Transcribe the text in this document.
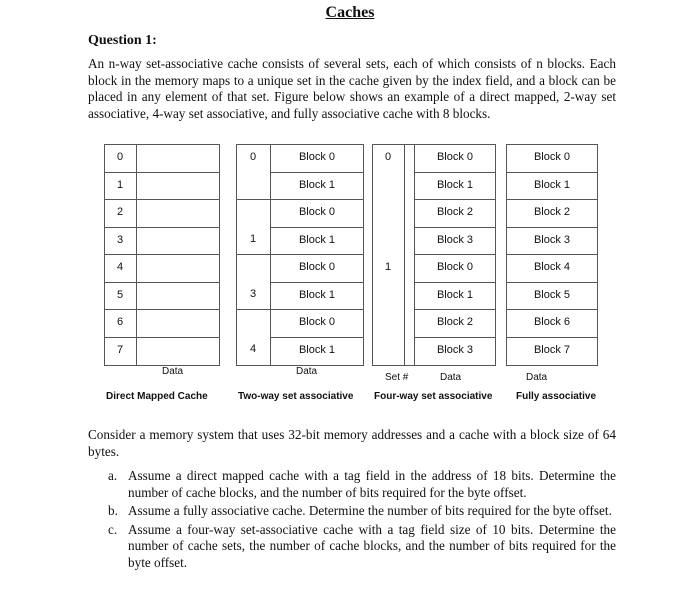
Caches
Question 1:
An n-way set-associative cache consists of several sets, each of which consists of n blocks. Each block in the memory maps to a unique set in the cache given by the index field, and a block can be placed in any element of that set. Figure below shows an example of a direct mapped, 2-way set associative, 4-way set associative, and fully associative cache with 8 blocks.
0
1
2
3
4
5
6
7
Data
Direct Mapped Cache
0
1
3
4
Block 0
Block 1
Block 0
Block 1
Block 0
Block 1
Block 0
Block 1
Data
Two-way set associative
0
1
Block 0
Block 1
Block 2
Block 3
Block 0
Block 1
Block 2
Block 3
Set #	Data
Four-way set associative
Block 0
Block 1
Block 2
Block 3
Block 4
Block 5
Block 6
Block 7
Data
Fully associative
Consider a memory system that uses 32-bit memory addresses and a cache with a block size of 64 bytes.
a. Assume a direct mapped cache with a tag field in the address of 18 bits. Determine the number of cache blocks, and the number of bits required for the byte offset.
b. Assume a fully associative cache. Determine the number of bits required for the byte offset.
c. Assume a four-way set-associative cache with a tag field size of 10 bits. Determine the number of cache sets, the number of cache blocks, and the number of bits required for the byte offset.
